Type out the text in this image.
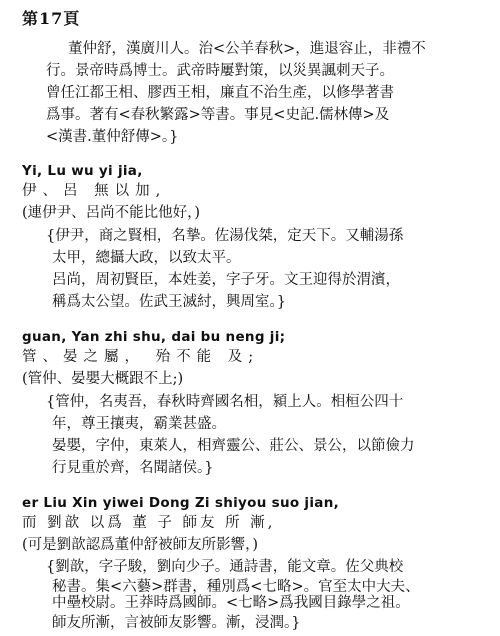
第17頁
董仲舒，漢廣川人。治<公羊春秋>，進退容止，非禮不
行。景帝時爲博士。武帝時屢對策，以災異諷刺天子。
曾任江都王相、膠西王相，廉直不治生產，以修學著書
爲事。著有<春秋繁露>等書。事見<史記.儒林傳>及
<漢書.董仲舒傳>。}
Yi, Lu wu yi jia,
伊、呂 無以加,
(連伊尹、呂尚不能比他好，)
{伊尹，商之賢相，名摯。佐湯伐桀，定天下。又輔湯孫
太甲，總攝大政，以致太平。
呂尚，周初賢臣，本姓姜，字子牙。文王迎得於渭濱，
稱爲太公望。佐武王滅紂，興周室。}
guan, Yan zhi shu, dai bu neng ji;
管、晏之屬， 殆不能 及;
(管仲、晏嬰大概跟不上;)
{管仲，名夷吾，春秋時齊國名相，潁上人。相桓公四十
年，尊王攘夷，霸業甚盛。
晏嬰，字仲，東萊人，相齊靈公、莊公、景公，以節儉力
行見重於齊，名聞諸侯。}
er Liu Xin yiwei Dong Zi shiyou suo jian,
而 劉歆 以爲 董 子 師友 所 漸,
(可是劉歆認爲董仲舒被師友所影響，)
{劉歆，字子駿，劉向少子。通詩書，能文章。佐父典校
秘書。集<六藝>群書，種別爲<七略>。官至太中大夫、
中壘校尉。王莽時爲國師。<七略>爲我國目錄學之祖。
師友所漸，言被師友影響。漸，浸潤。}
